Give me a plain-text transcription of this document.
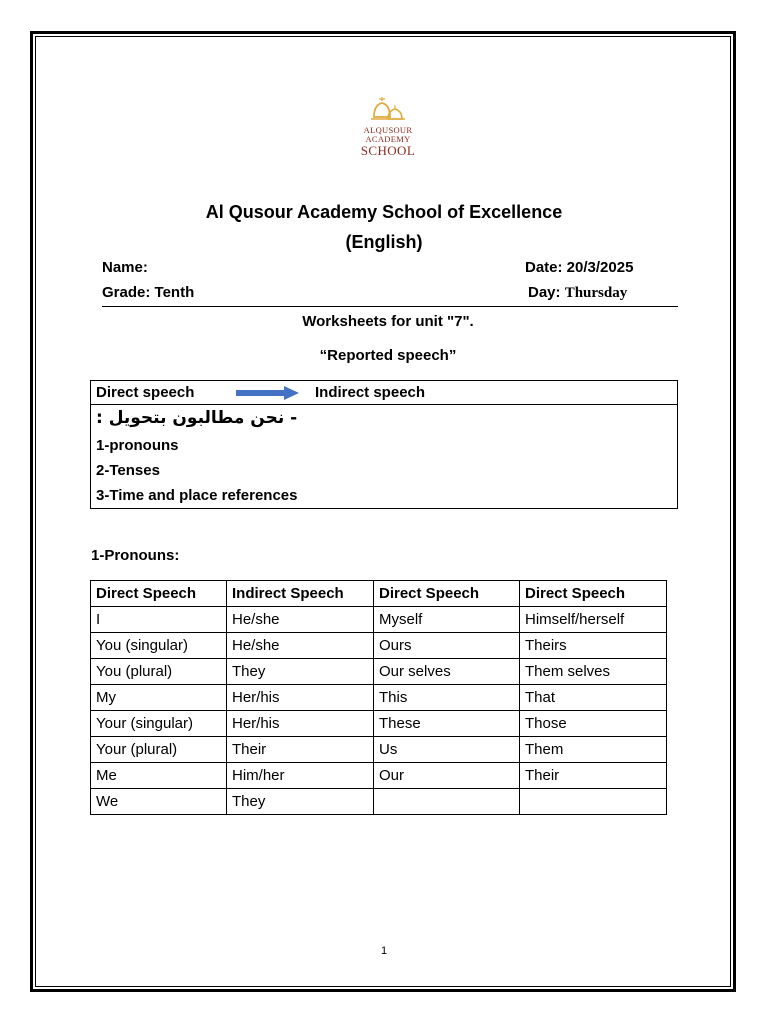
ALQUSOUR
ACADEMY
SCHOOL
Al Qusour Academy School of Excellence
(English)
Name:
Grade: Tenth
Date: 20/3/2025
Day: Thursday
Worksheets for unit "7".
“Reported speech”
Direct speech	Indirect speech
- نحن مطالبون بتحويل :
1-pronouns
2-Tenses
3-Time and place references
1-Pronouns:
Direct Speech	Indirect Speech	Direct Speech	Direct Speech
I	He/she	Myself	Himself/herself
You (singular)	He/she	Ours	Theirs
You (plural)	They	Our selves	Them selves
My	Her/his	This	That
Your (singular)	Her/his	These	Those
Your (plural)	Their	Us	Them
Me	Him/her	Our	Their
We	They		
1
